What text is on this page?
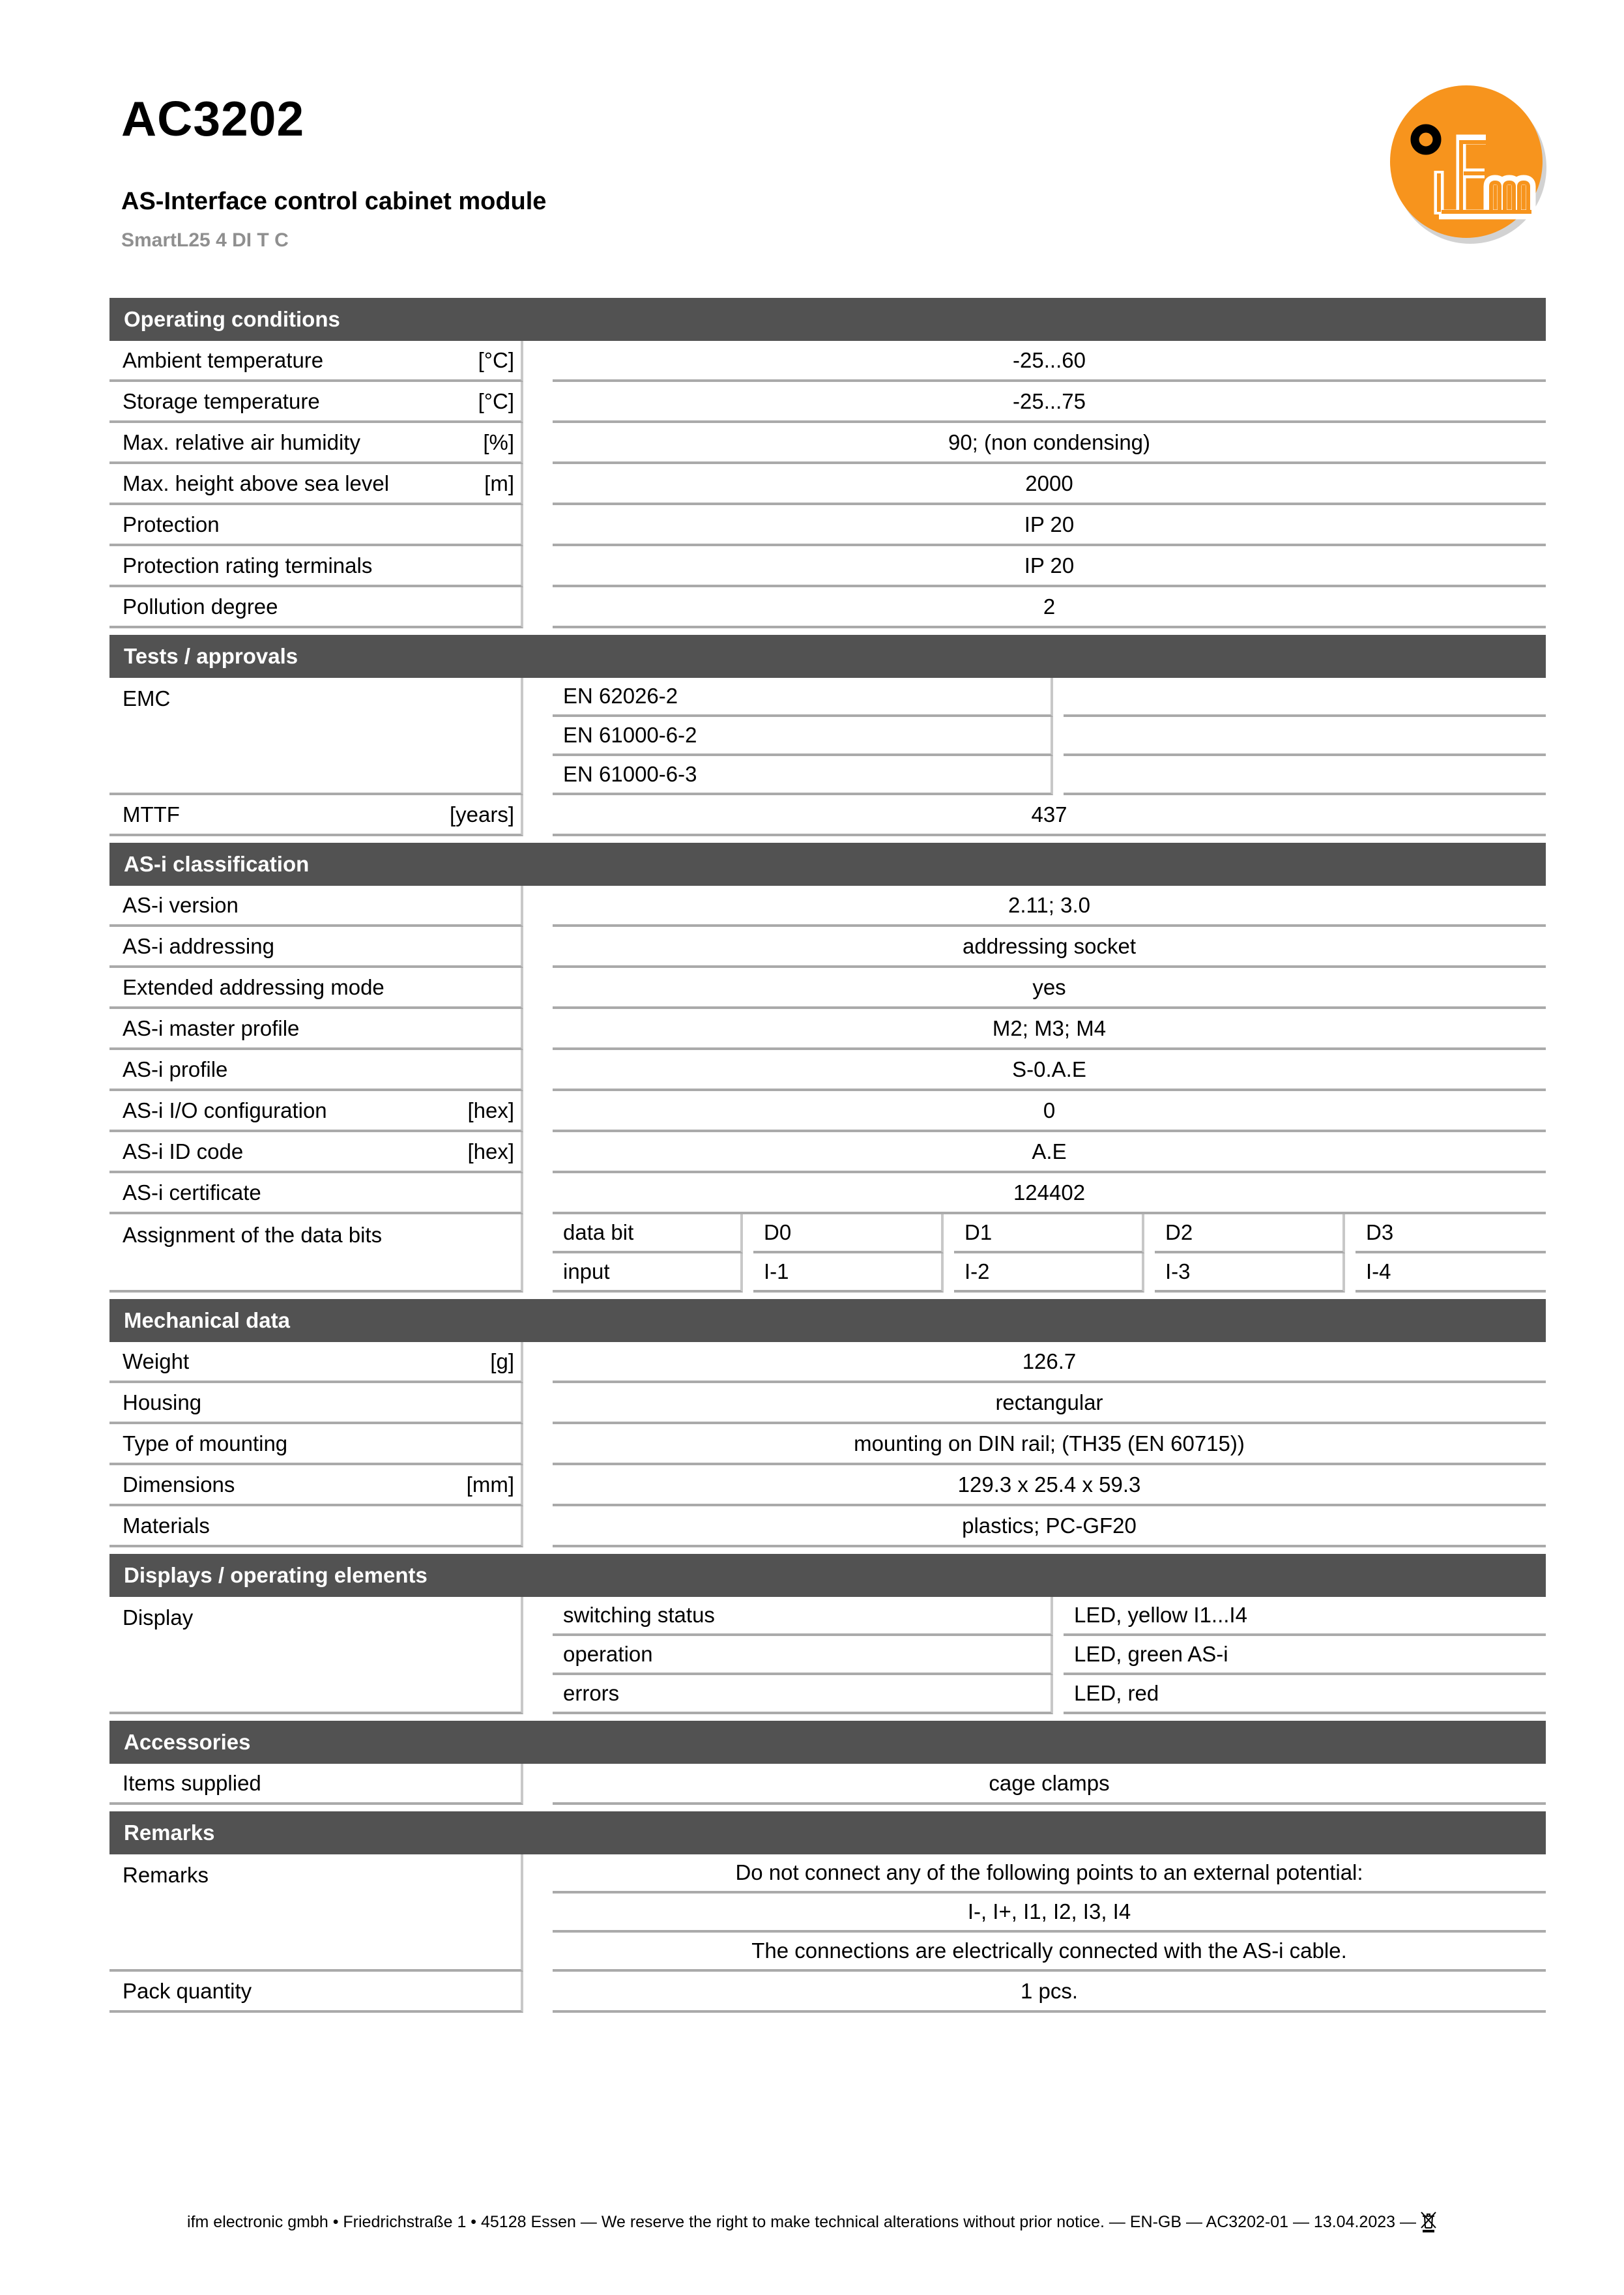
AC3202
AS-Interface control cabinet module
SmartL25 4 DI T C
Operating conditions
Ambient temperature	[°C]	-25...60
Storage temperature	[°C]	-25...75
Max. relative air humidity	[%]	90; (non condensing)
Max. height above sea level	[m]	2000
Protection	IP 20
Protection rating terminals	IP 20
Pollution degree	2
Tests / approvals
EMC	EN 62026-2
EN 61000-6-2
EN 61000-6-3
MTTF	[years]	437
AS-i classification
AS-i version	2.11; 3.0
AS-i addressing	addressing socket
Extended addressing mode	yes
AS-i master profile	M2; M3; M4
AS-i profile	S-0.A.E
AS-i I/O configuration	[hex]	0
AS-i ID code	[hex]	A.E
AS-i certificate	124402
Assignment of the data bits	data bit	D0	D1	D2	D3
input	I-1	I-2	I-3	I-4
Mechanical data
Weight	[g]	126.7
Housing	rectangular
Type of mounting	mounting on DIN rail; (TH35 (EN 60715))
Dimensions	[mm]	129.3 x 25.4 x 59.3
Materials	plastics; PC-GF20
Displays / operating elements
Display	switching status	LED, yellow I1...I4
operation	LED, green AS-i
errors	LED, red
Accessories
Items supplied	cage clamps
Remarks
Remarks	Do not connect any of the following points to an external potential:
I-, I+, I1, I2, I3, I4
The connections are electrically connected with the AS-i cable.
Pack quantity	1 pcs.
ifm electronic gmbh • Friedrichstraße 1 • 45128 Essen — We reserve the right to make technical alterations without prior notice. — EN-GB — AC3202-01 — 13.04.2023 —
